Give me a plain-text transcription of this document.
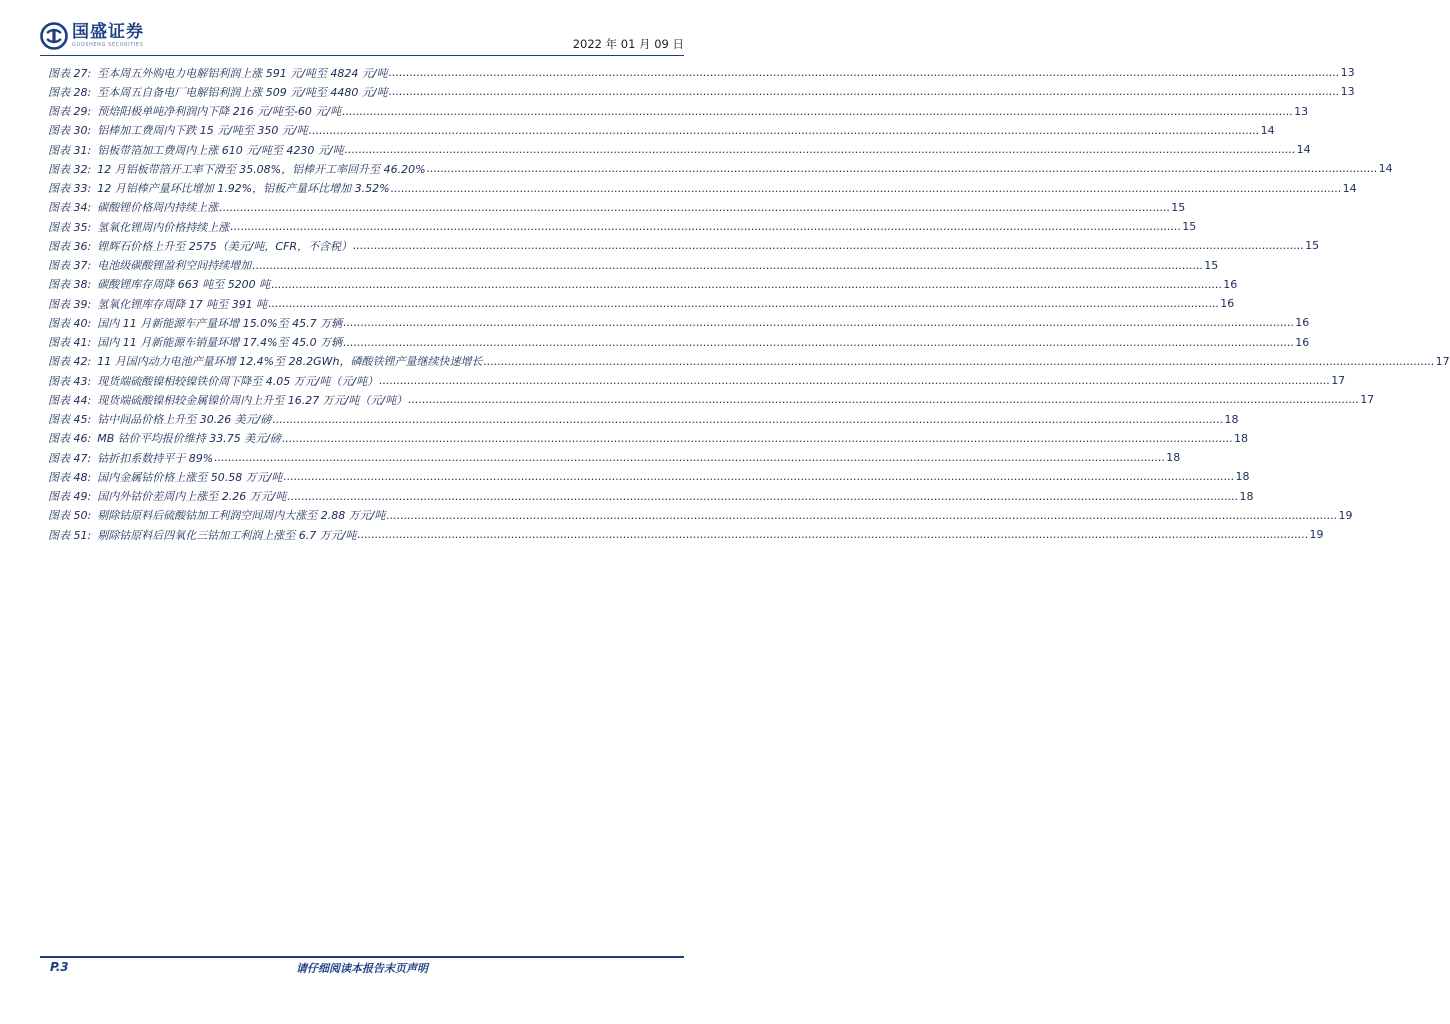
国盛证券
GUOSHENG SECURITIES	2022 年 01 月 09 日
图表 27: 至本周五外购电力电解铝利润上涨 591 元/吨至 4824 元/吨 .....	13
图表 28: 至本周五自备电厂电解铝利润上涨 509 元/吨至 4480 元/吨 .....	13
图表 29: 预焙阳极单吨净利润内下降 216 元/吨至-60 元/吨 .....	13
图表 30: 铝棒加工费周内下跌 15 元/吨至 350 元/吨 .....	14
图表 31: 铝板带箔加工费周内上涨 610 元/吨至 4230 元/吨 .....	14
图表 32: 12 月铝板带箔开工率下滑至 35.08%，铝棒开工率回升至 46.20% .....	14
图表 33: 12 月铝棒产量环比增加 1.92%，铝板产量环比增加 3.52% .....	14
图表 34: 碳酸锂价格周内持续上涨 .....	15
图表 35: 氢氧化锂周内价格持续上涨 .....	15
图表 36: 锂辉石价格上升至 2575（美元/吨，CFR，不含税） .....	15
图表 37: 电池级碳酸锂盈利空间持续增加 .....	15
图表 38: 碳酸锂库存周降 663 吨至 5200 吨 .....	16
图表 39: 氢氧化锂库存周降 17 吨至 391 吨 .....	16
图表 40: 国内 11 月新能源车产量环增 15.0%至 45.7 万辆 .....	16
图表 41: 国内 11 月新能源车销量环增 17.4%至 45.0 万辆 .....	16
图表 42: 11 月国内动力电池产量环增 12.4%至 28.2GWh，磷酸铁锂产量继续快速增长 .....	17
图表 43: 现货端硫酸镍相较镍铁价周下降至 4.05 万元/吨（元/吨） .....	17
图表 44: 现货端硫酸镍相较金属镍价周内上升至 16.27 万元/吨（元/吨） .....	17
图表 45: 钴中间品价格上升至 30.26 美元/磅 .....	18
图表 46: MB 钴价平均报价维持 33.75 美元/磅 .....	18
图表 47: 钴折扣系数持平于 89% .....	18
图表 48: 国内金属钴价格上涨至 50.58 万元/吨 .....	18
图表 49: 国内外钴价差周内上涨至 2.26 万元/吨 .....	18
图表 50: 剔除钴原料后硫酸钴加工利润空间周内大涨至 2.88 万元/吨 .....	19
图表 51: 剔除钴原料后四氧化三钴加工利润上涨至 6.7 万元/吨 .....	19
P.3	请仔细阅读本报告末页声明
